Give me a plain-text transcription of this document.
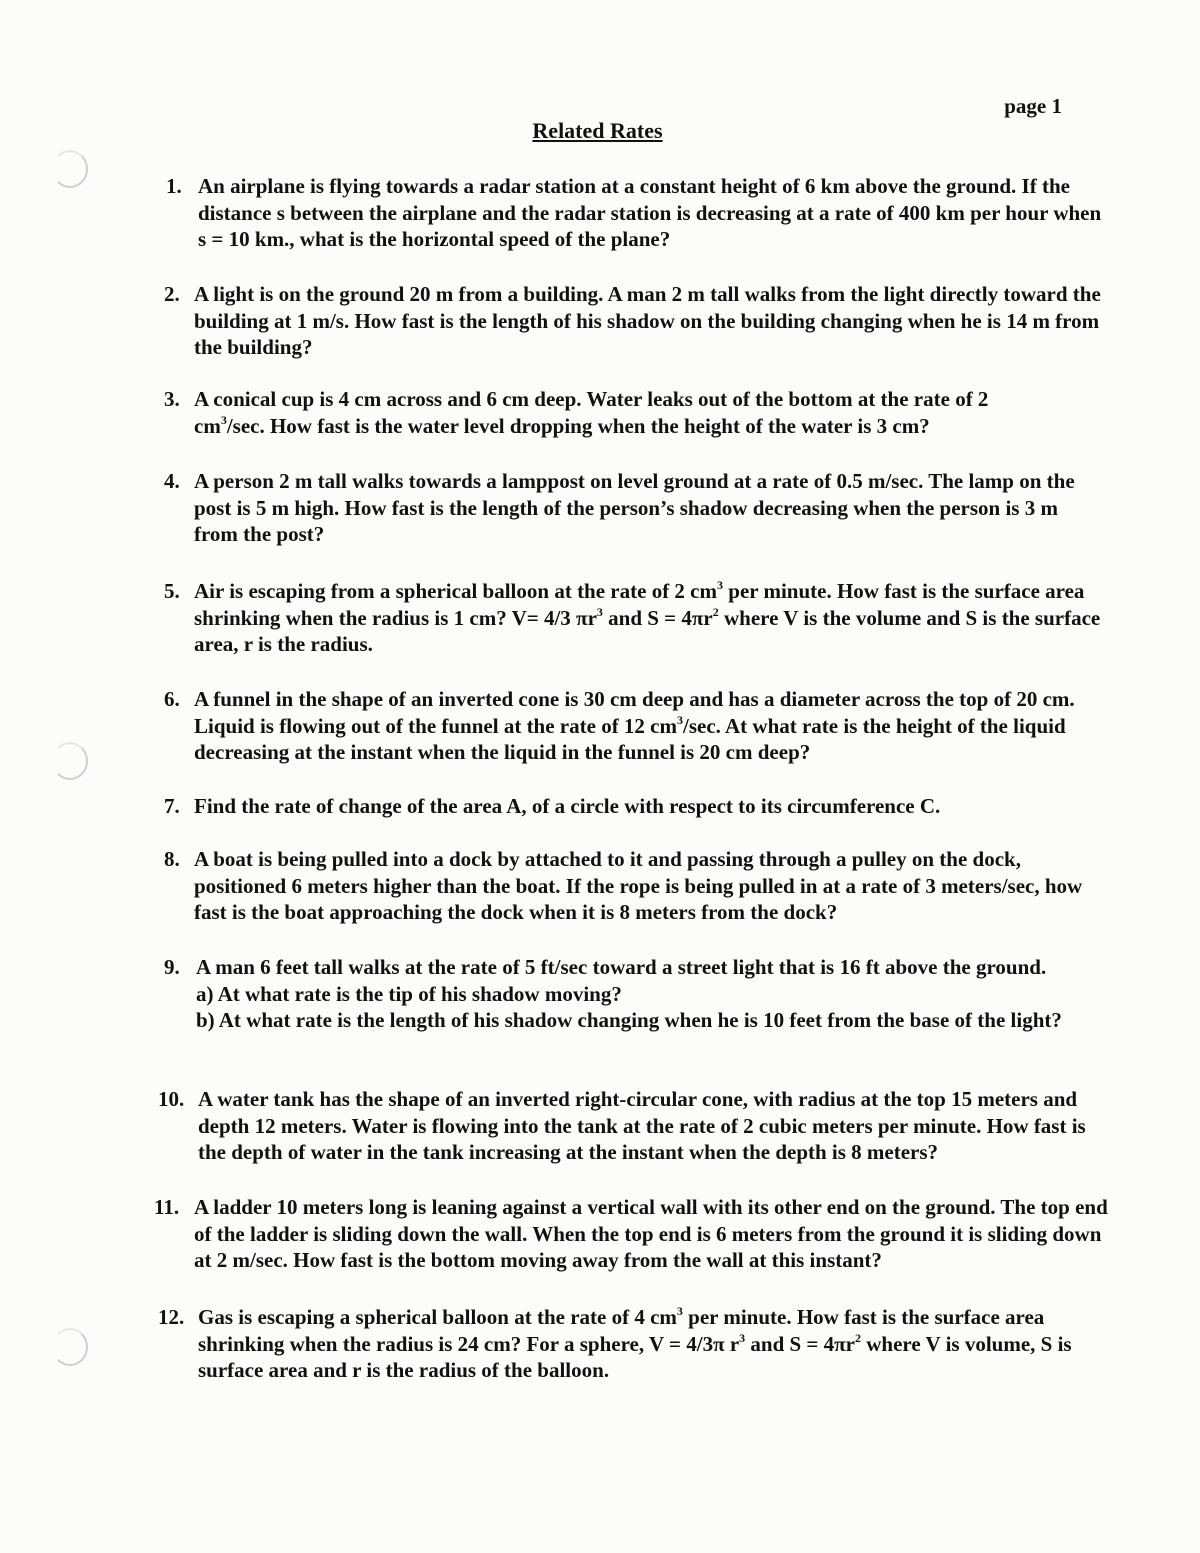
page 1
Related Rates
1. An airplane is flying towards a radar station at a constant height of 6 km above the ground. If the distance s between the airplane and the radar station is decreasing at a rate of 400 km per hour when s = 10 km., what is the horizontal speed of the plane?
2. A light is on the ground 20 m from a building. A man 2 m tall walks from the light directly toward the building at 1 m/s. How fast is the length of his shadow on the building changing when he is 14 m from the building?
3. A conical cup is 4 cm across and 6 cm deep. Water leaks out of the bottom at the rate of 2 $cm^3/\sec$. How fast is the water level dropping when the height of the water is 3 cm?
4. A person 2 m tall walks towards a lamppost on level ground at a rate of 0.5 m/sec. The lamp on the post is 5 m high. How fast is the length of the person’s shadow decreasing when the person is 3 m from the post?
5. Air is escaping from a spherical balloon at the rate of 2 $cm^3$ per minute. How fast is the surface area shrinking when the radius is 1 cm? V= 4/3 $\pi r^3$ and $S = 4\pi r^2$ where V is the volume and S is the surface area, r is the radius.
6. A funnel in the shape of an inverted cone is 30 cm deep and has a diameter across the top of 20 cm. Liquid is flowing out of the funnel at the rate of 12 $cm^3/\sec$. At what rate is the height of the liquid decreasing at the instant when the liquid in the funnel is 20 cm deep?
7. Find the rate of change of the area A, of a circle with respect to its circumference C.
8. A boat is being pulled into a dock by attached to it and passing through a pulley on the dock, positioned 6 meters higher than the boat. If the rope is being pulled in at a rate of 3 meters/sec, how fast is the boat approaching the dock when it is 8 meters from the dock?
9. A man 6 feet tall walks at the rate of 5 ft/sec toward a street light that is 16 ft above the ground.
a) At what rate is the tip of his shadow moving?
b) At what rate is the length of his shadow changing when he is 10 feet from the base of the light?
10. A water tank has the shape of an inverted right-circular cone, with radius at the top 15 meters and depth 12 meters. Water is flowing into the tank at the rate of 2 cubic meters per minute. How fast is the depth of water in the tank increasing at the instant when the depth is 8 meters?
11. A ladder 10 meters long is leaning against a vertical wall with its other end on the ground. The top end of the ladder is sliding down the wall. When the top end is 6 meters from the ground it is sliding down at 2 m/sec. How fast is the bottom moving away from the wall at this instant?
12. Gas is escaping a spherical balloon at the rate of 4 $cm^3$ per minute. How fast is the surface area shrinking when the radius is 24 cm? For a sphere, V = 4/3π $r^3$ and $S = 4\pi r^2$ where V is volume, S is surface area and r is the radius of the balloon.
